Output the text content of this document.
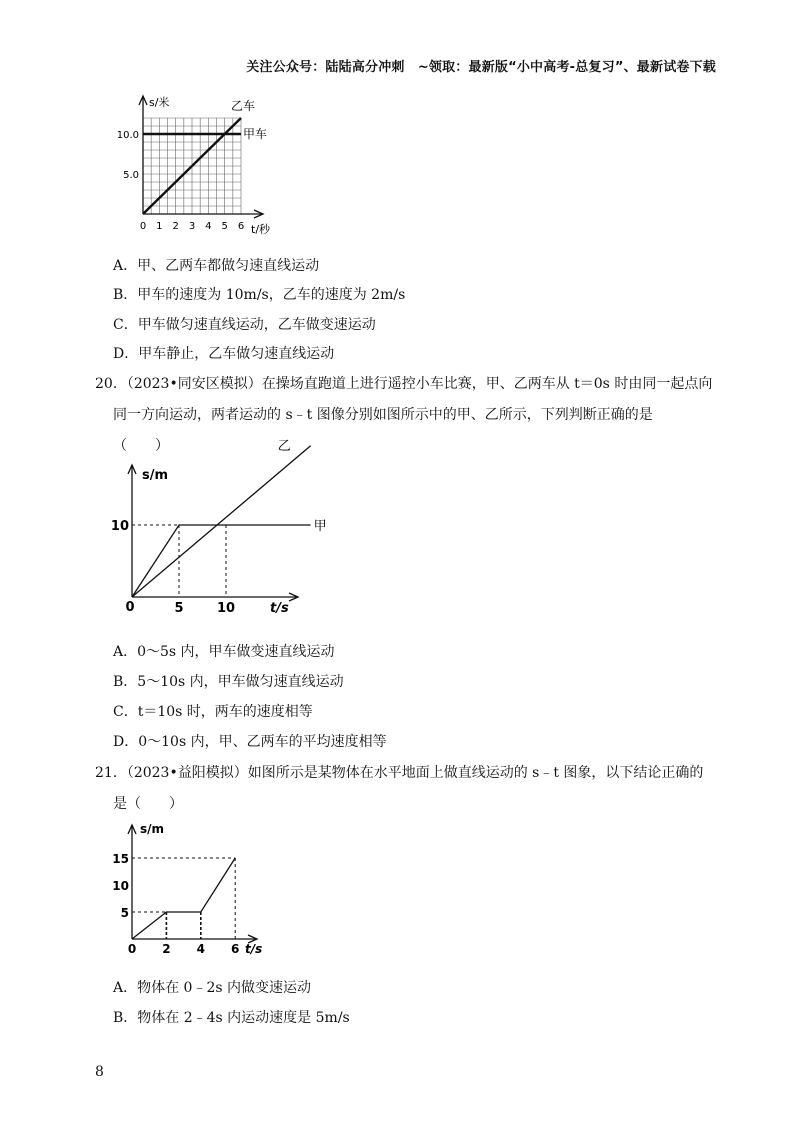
关注公众号：陆陆高分冲刺　~领取：最新版“小中高考-总复习”、最新试卷下载
s/米
t/秒
0 1 2 3 4 5 6
5.0
10.0	甲车
乙车
A．甲、乙两车都做匀速直线运动
B．甲车的速度为 10m/s，乙车的速度为 2m/s
C．甲车做匀速直线运动，乙车做变速运动
D．甲车静止，乙车做匀速直线运动
20．（2023•同安区模拟）在操场直跑道上进行遥控小车比赛，甲、乙两车从 t＝0s 时由同一起点向
同一方向运动，两者运动的 s﹣t 图像分别如图所示中的甲、乙所示，下列判断正确的是
（　　）
s/m
t/s
0	5	10
10	甲
乙
A．0～5s 内，甲车做变速直线运动
B．5～10s 内，甲车做匀速直线运动
C．t＝10s 时，两车的速度相等
D．0～10s 内，甲、乙两车的平均速度相等
21．（2023•益阳模拟）如图所示是某物体在水平地面上做直线运动的 s﹣t 图象，以下结论正确的
是（　　）
s/m
t/s
0 2 4 6
5
10
15
A．物体在 0﹣2s 内做变速运动
B．物体在 2﹣4s 内运动速度是 5m/s
8
